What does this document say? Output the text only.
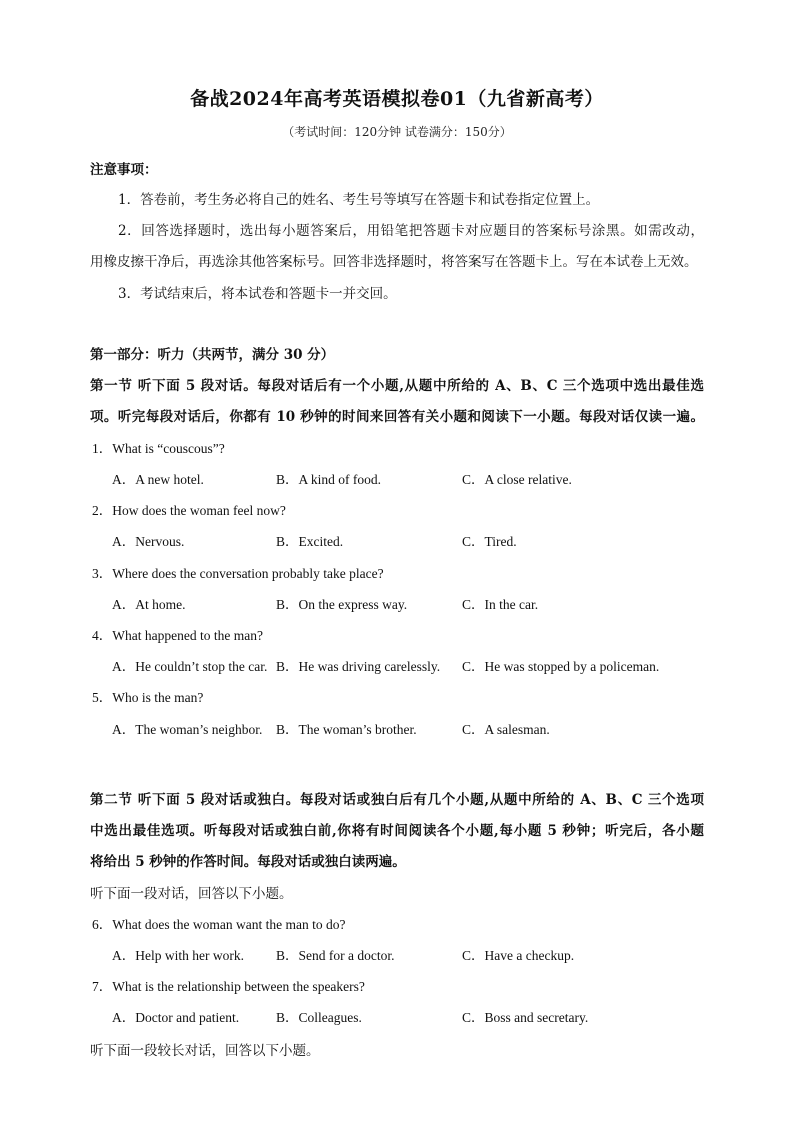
备战2024年高考英语模拟卷01（九省新高考）
（考试时间：120分钟 试卷满分：150分）
注意事项：
1．答卷前，考生务必将自己的姓名、考生号等填写在答题卡和试卷指定位置上。
2．回答选择题时，选出每小题答案后，用铅笔把答题卡对应题目的答案标号涂黑。如需改动，
用橡皮擦干净后，再选涂其他答案标号。回答非选择题时，将答案写在答题卡上。写在本试卷上无效。
3．考试结束后，将本试卷和答题卡一并交回。
第一部分：听力（共两节，满分 30 分）
第一节 听下面 5 段对话。每段对话后有一个小题,从题中所给的 A、B、C 三个选项中选出最佳选
项。听完每段对话后，你都有 10 秒钟的时间来回答有关小题和阅读下一小题。每段对话仅读一遍。
1．What is “couscous”?
A．A new hotel.	B．A kind of food.	C．A close relative.
2．How does the woman feel now?
A．Nervous.	B．Excited.	C．Tired.
3．Where does the conversation probably take place?
A．At home.	B．On the express way.	C．In the car.
4．What happened to the man?
A．He couldn’t stop the car. B．He was driving carelessly. C．He was stopped by a policeman.
5．Who is the man?
A．The woman’s neighbor. B．The woman’s brother.	C．A salesman.
第二节 听下面 5 段对话或独白。每段对话或独白后有几个小题,从题中所给的 A、B、C 三个选项
中选出最佳选项。听每段对话或独白前,你将有时间阅读各个小题,每小题 5 秒钟；听完后，各小题
将给出 5 秒钟的作答时间。每段对话或独白读两遍。
听下面一段对话，回答以下小题。
6．What does the woman want the man to do?
A．Help with her work. B．Send for a doctor.	C．Have a checkup.
7．What is the relationship between the speakers?
A．Doctor and patient.	B．Colleagues.	C．Boss and secretary.
听下面一段较长对话，回答以下小题。
